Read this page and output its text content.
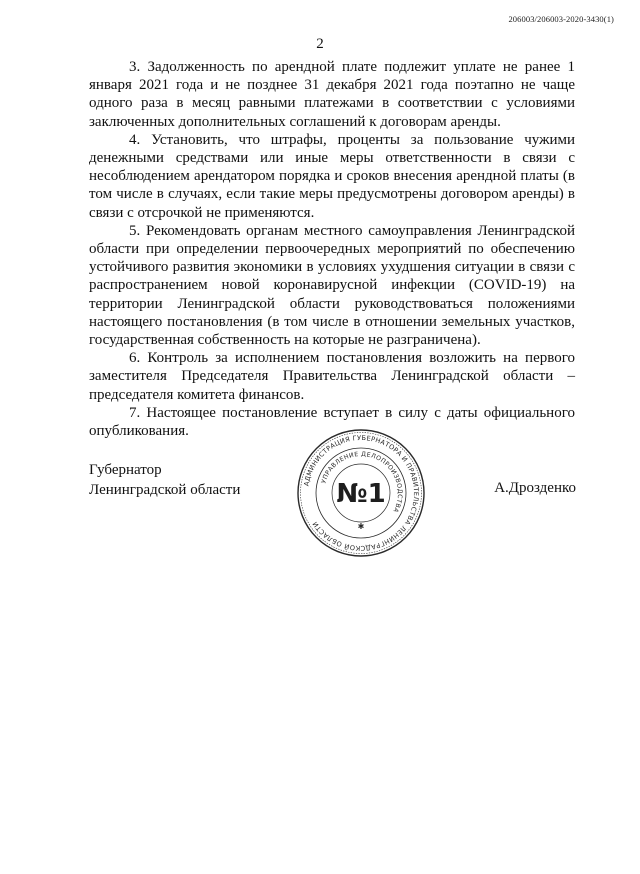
206003/206003-2020-3430(1)
2

3. Задолженность по арендной плате подлежит уплате не ранее 1 января 2021 года и не позднее 31 декабря 2021 года поэтапно не чаще одного раза в месяц равными платежами в соответствии с условиями заключенных дополнительных соглашений к договорам аренды.

4. Установить, что штрафы, проценты за пользование чужими денежными средствами или иные меры ответственности в связи с несоблюдением арендатором порядка и сроков внесения арендной платы (в том числе в случаях, если такие меры предусмотрены договором аренды) в связи с отсрочкой не применяются.

5. Рекомендовать органам местного самоуправления Ленинградской области при определении первоочередных мероприятий по обеспечению устойчивого развития экономики в условиях ухудшения ситуации в связи с распространением новой коронавирусной инфекции (COVID-19) на территории Ленинградской области руководствоваться положениями настоящего постановления (в том числе в отношении земельных участков, государственная собственность на которые не разграничена).

6. Контроль за исполнением постановления возложить на первого заместителя Председателя Правительства Ленинградской области – председателя комитета финансов.

7. Настоящее постановление вступает в силу с даты официального опубликования.

Губернатор
Ленинградской области	АДМИНИСТРАЦИЯ ГУБЕРНАТОРА И ПРАВИТЕЛЬСТВА ЛЕНИНГРАДСКОЙ ОБЛАСТИ
УПРАВЛЕНИЕ ДЕЛОПРОИЗВОДСТВА
№1
✱
А.Дрозденко
